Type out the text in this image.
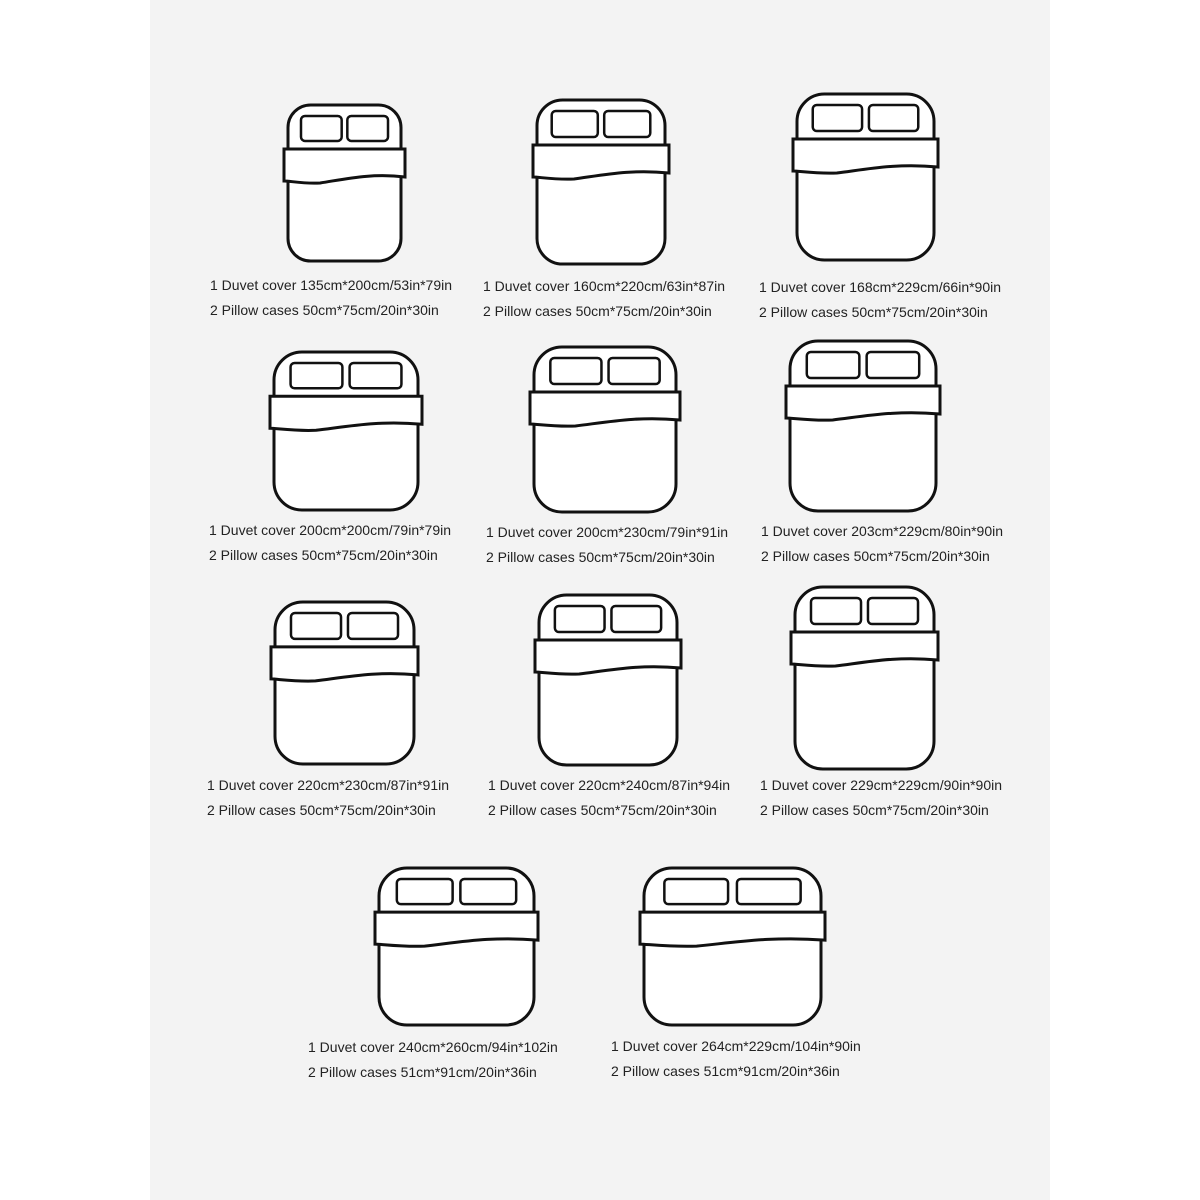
1 Duvet cover 135cm*200cm/53in*79in
2 Pillow cases 50cm*75cm/20in*30in
1 Duvet cover 160cm*220cm/63in*87in
2 Pillow cases 50cm*75cm/20in*30in
1 Duvet cover 168cm*229cm/66in*90in
2 Pillow cases 50cm*75cm/20in*30in
1 Duvet cover 200cm*200cm/79in*79in
2 Pillow cases 50cm*75cm/20in*30in
1 Duvet cover 200cm*230cm/79in*91in
2 Pillow cases 50cm*75cm/20in*30in
1 Duvet cover 203cm*229cm/80in*90in
2 Pillow cases 50cm*75cm/20in*30in
1 Duvet cover 220cm*230cm/87in*91in
2 Pillow cases 50cm*75cm/20in*30in
1 Duvet cover 220cm*240cm/87in*94in
2 Pillow cases 50cm*75cm/20in*30in
1 Duvet cover 229cm*229cm/90in*90in
2 Pillow cases 50cm*75cm/20in*30in
1 Duvet cover 240cm*260cm/94in*102in
2 Pillow cases 51cm*91cm/20in*36in
1 Duvet cover 264cm*229cm/104in*90in
2 Pillow cases 51cm*91cm/20in*36in
